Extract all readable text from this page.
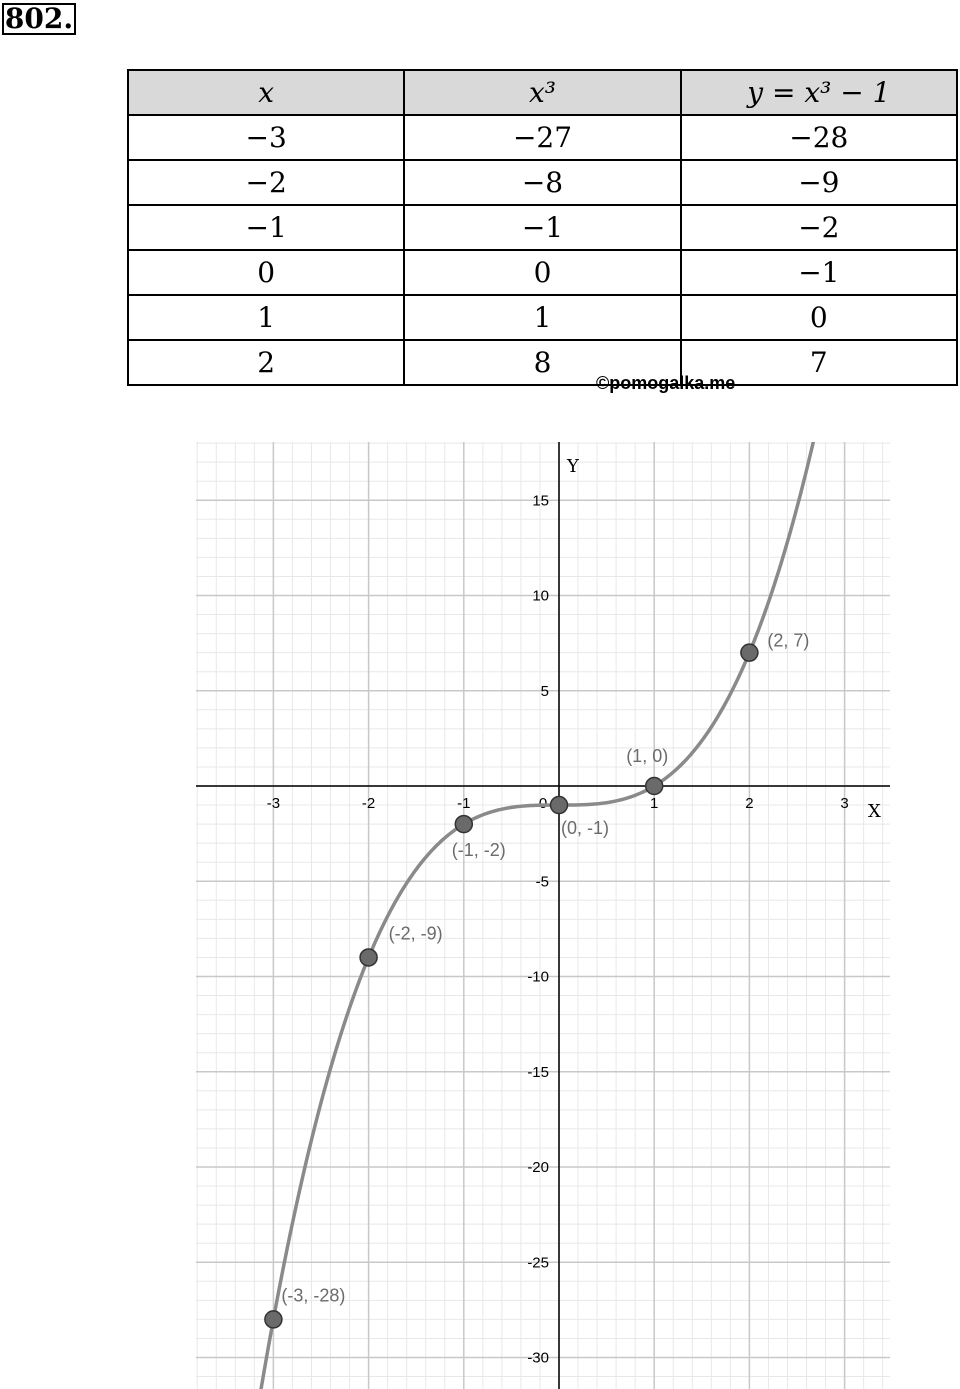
802.
x	x³	y = x³ − 1
−3	−27	−28
−2	−8	−9
−1	−1	−2
0	0	−1
1	1	0
2	8	7
©pomogalka.me
-3	-2	-1	0	1	2	3
-30
-25
-20
-15
-10
-5
5
10
15
X
Y
(-3, -28)
(-2, -9)
(-1, -2)
(0, -1)
(1, 0)
(2, 7)
